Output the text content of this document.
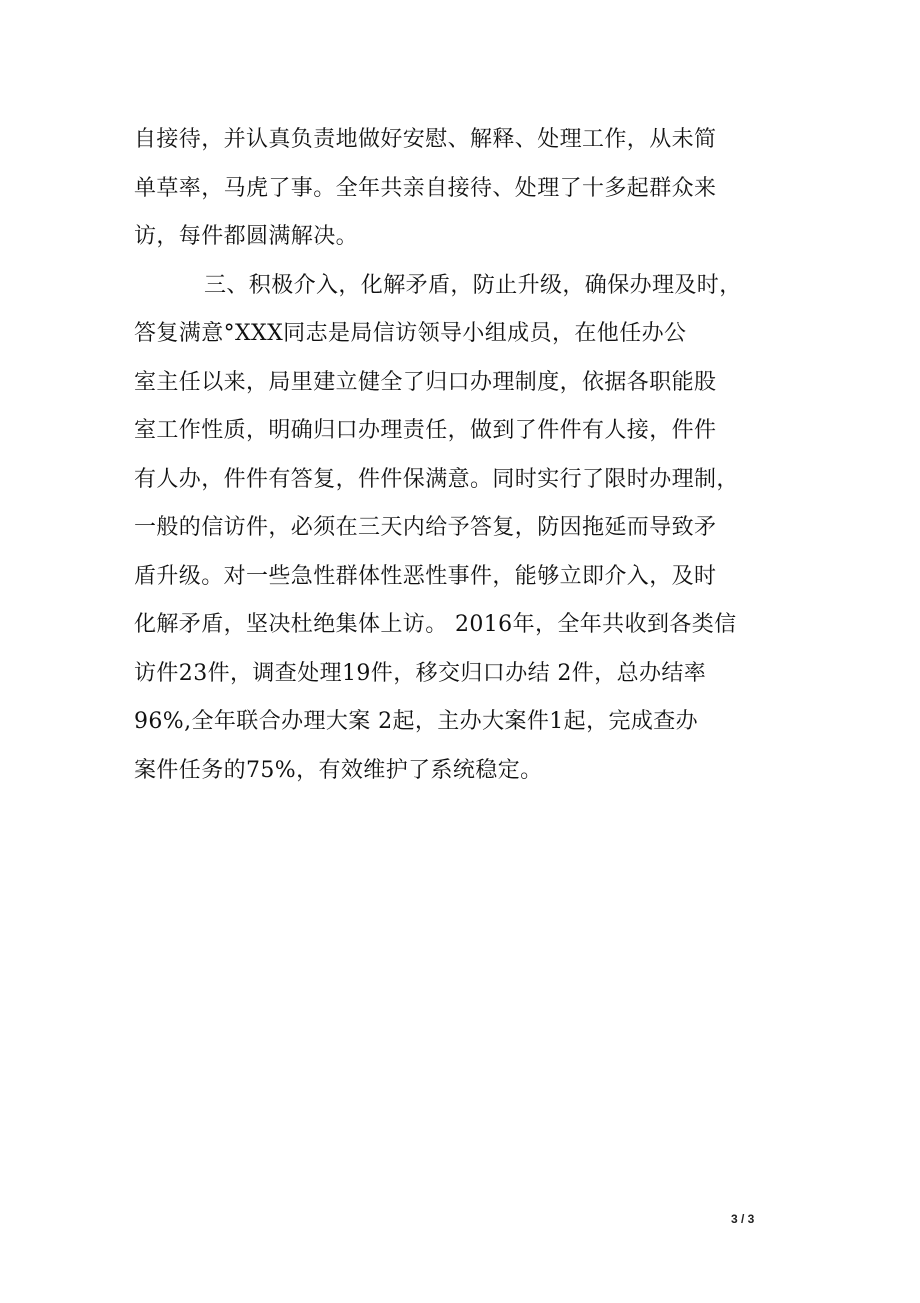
自接待，并认真负责地做好安慰、解释、处理工作，从未简
单草率，马虎了事。全年共亲自接待、处理了十多起群众来
访，每件都圆满解决。
三、积极介入，化解矛盾，防止升级，确保办理及时，
答复满意°XXX同志是局信访领导小组成员，在他任办公
室主任以来，局里建立健全了归口办理制度，依据各职能股
室工作性质，明确归口办理责任，做到了件件有人接，件件
有人办，件件有答复，件件保满意。同时实行了限时办理制，
一般的信访件，必须在三天内给予答复，防因拖延而导致矛
盾升级。对一些急性群体性恶性事件，能够立即介入，及时
化解矛盾，坚决杜绝集体上访。 2016年，全年共收到各类信
访件23件，调查处理19件，移交归口办结 2件，总办结率
96%,全年联合办理大案 2起，主办大案件1起，完成查办
案件任务的75%，有效维护了系统稳定。
3 / 3
